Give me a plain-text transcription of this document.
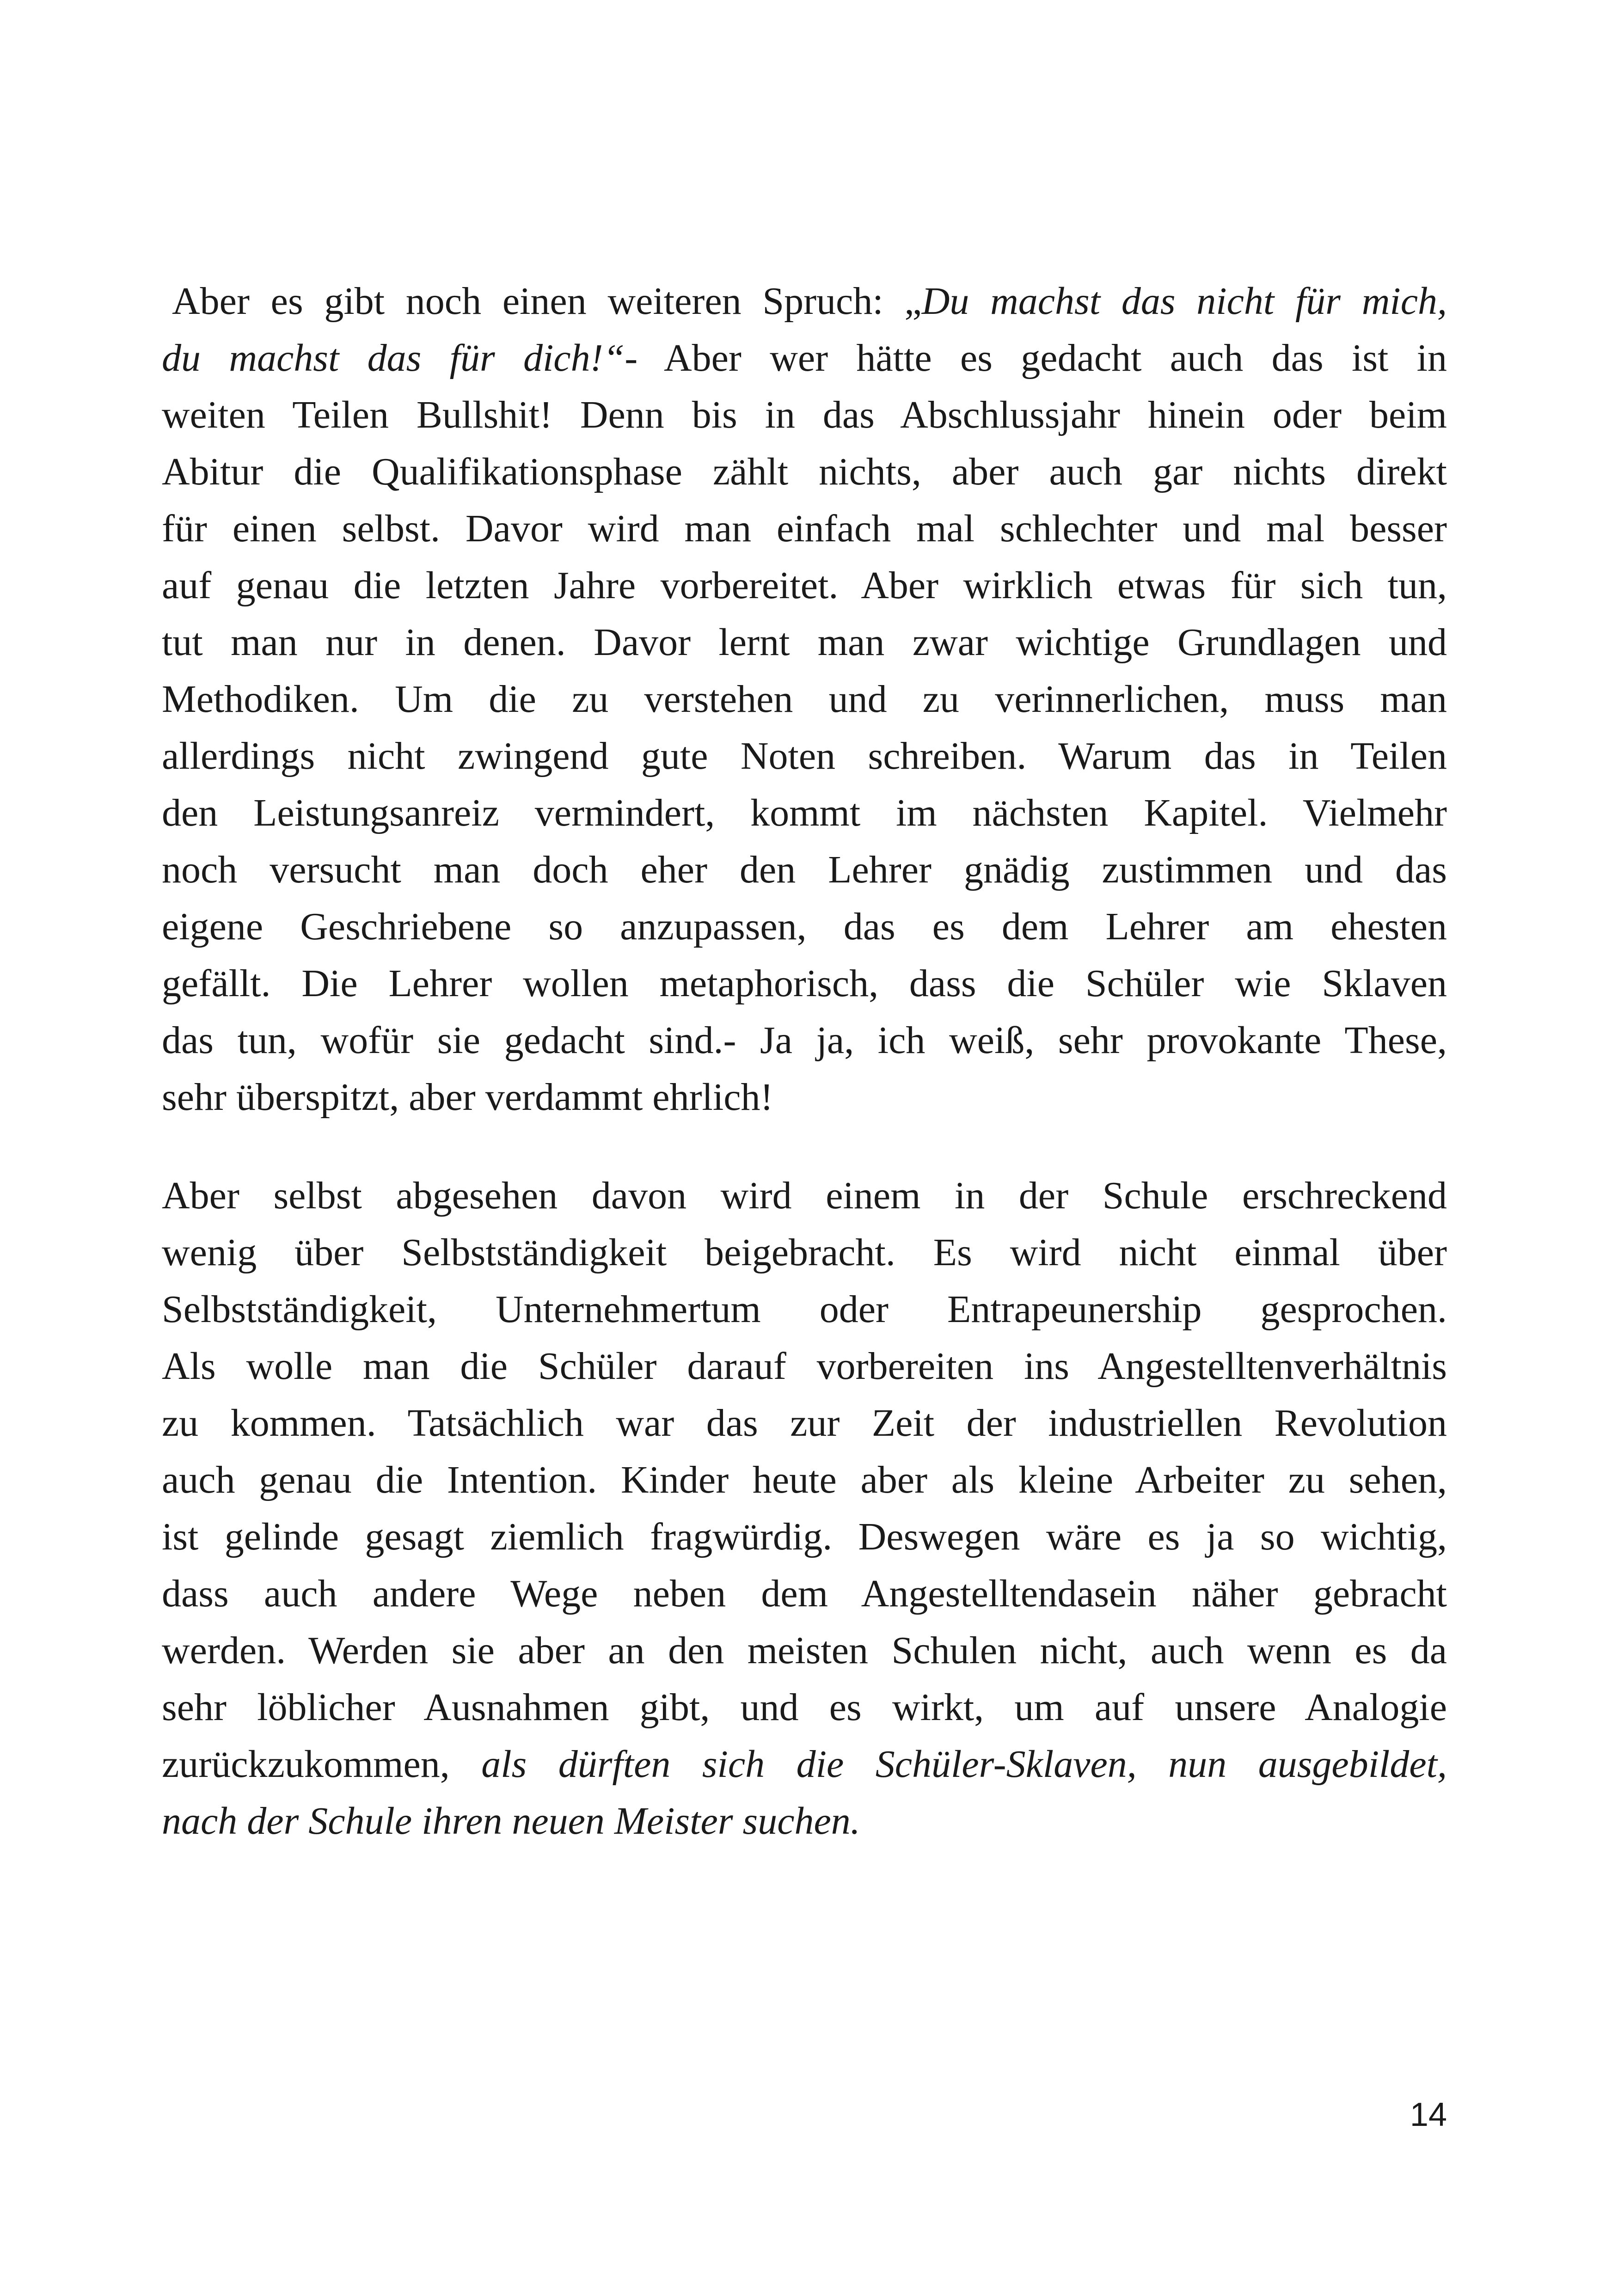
Aber es gibt noch einen weiteren Spruch: „Du machst das nicht für mich,
du machst das für dich!“- Aber wer hätte es gedacht auch das ist in
weiten Teilen Bullshit! Denn bis in das Abschlussjahr hinein oder beim
Abitur die Qualifikationsphase zählt nichts, aber auch gar nichts direkt
für einen selbst. Davor wird man einfach mal schlechter und mal besser
auf genau die letzten Jahre vorbereitet. Aber wirklich etwas für sich tun,
tut man nur in denen. Davor lernt man zwar wichtige Grundlagen und
Methodiken. Um die zu verstehen und zu verinnerlichen, muss man
allerdings nicht zwingend gute Noten schreiben. Warum das in Teilen
den Leistungsanreiz vermindert, kommt im nächsten Kapitel. Vielmehr
noch versucht man doch eher den Lehrer gnädig zustimmen und das
eigene Geschriebene so anzupassen, das es dem Lehrer am ehesten
gefällt. Die Lehrer wollen metaphorisch, dass die Schüler wie Sklaven
das tun, wofür sie gedacht sind.- Ja ja, ich weiß, sehr provokante These,
sehr überspitzt, aber verdammt ehrlich!
Aber selbst abgesehen davon wird einem in der Schule erschreckend
wenig über Selbstständigkeit beigebracht. Es wird nicht einmal über
Selbstständigkeit, Unternehmertum oder Entrapeunership gesprochen.
Als wolle man die Schüler darauf vorbereiten ins Angestelltenverhältnis
zu kommen. Tatsächlich war das zur Zeit der industriellen Revolution
auch genau die Intention. Kinder heute aber als kleine Arbeiter zu sehen,
ist gelinde gesagt ziemlich fragwürdig. Deswegen wäre es ja so wichtig,
dass auch andere Wege neben dem Angestelltendasein näher gebracht
werden. Werden sie aber an den meisten Schulen nicht, auch wenn es da
sehr löblicher Ausnahmen gibt, und es wirkt, um auf unsere Analogie
zurückzukommen, als dürften sich die Schüler-Sklaven, nun ausgebildet,
nach der Schule ihren neuen Meister suchen.
14
